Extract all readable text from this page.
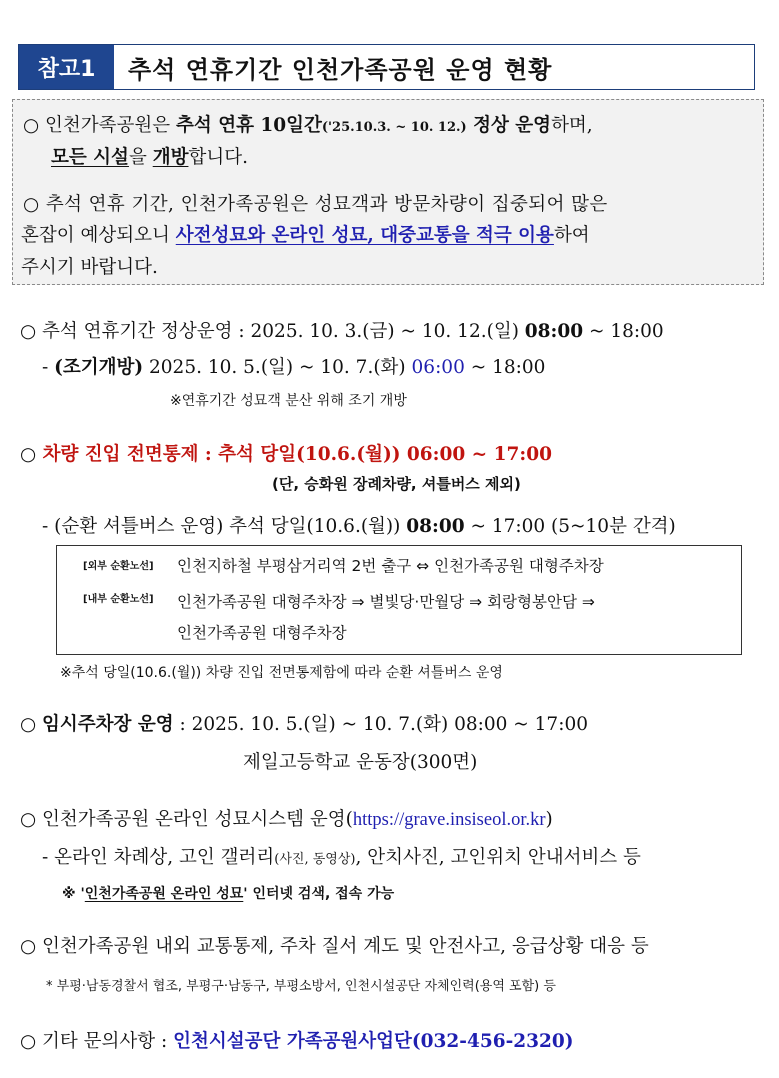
참고1	추석 연휴기간 인천가족공원 운영 현황
○ 인천가족공원은 추석 연휴 10일간('25.10.3. ~ 10. 12.) 정상 운영하며,
모든 시설을 개방합니다.
○ 추석 연휴 기간, 인천가족공원은 성묘객과 방문차량이 집중되어 많은
혼잡이 예상되오니 사전성묘와 온라인 성묘, 대중교통을 적극 이용하여
주시기 바랍니다.
○ 추석 연휴기간 정상운영 : 2025. 10. 3.(금) ~ 10. 12.(일) 08:00 ~ 18:00
- (조기개방) 2025. 10. 5.(일) ~ 10. 7.(화) 06:00 ~ 18:00
※연휴기간 성묘객 분산 위해 조기 개방
○ 차량 진입 전면통제 : 추석 당일(10.6.(월)) 06:00 ~ 17:00
(단, 승화원 장례차량, 셔틀버스 제외)
- (순환 셔틀버스 운영) 추석 당일(10.6.(월)) 08:00 ~ 17:00 (5~10분 간격)
[외부 순환노선] 인천지하철 부평삼거리역 2번 출구 ⇔ 인천가족공원 대형주차장
[내부 순환노선] 인천가족공원 대형주차장 ⇒ 별빛당·만월당 ⇒ 회랑형봉안담 ⇒
인천가족공원 대형주차장
※추석 당일(10.6.(월)) 차량 진입 전면통제함에 따라 순환 셔틀버스 운영
○ 임시주차장 운영 : 2025. 10. 5.(일) ~ 10. 7.(화) 08:00 ~ 17:00
제일고등학교 운동장(300면)
○ 인천가족공원 온라인 성묘시스템 운영(https://grave.insiseol.or.kr)
- 온라인 차례상, 고인 갤러리(사진, 동영상), 안치사진, 고인위치 안내서비스 등
※ '인천가족공원 온라인 성묘' 인터넷 검색, 접속 가능
○ 인천가족공원 내외 교통통제, 주차 질서 계도 및 안전사고, 응급상황 대응 등
* 부평·남동경찰서 협조, 부평구·남동구, 부평소방서, 인천시설공단 자체인력(용역 포함) 등
○ 기타 문의사항 : 인천시설공단 가족공원사업단(032-456-2320)
